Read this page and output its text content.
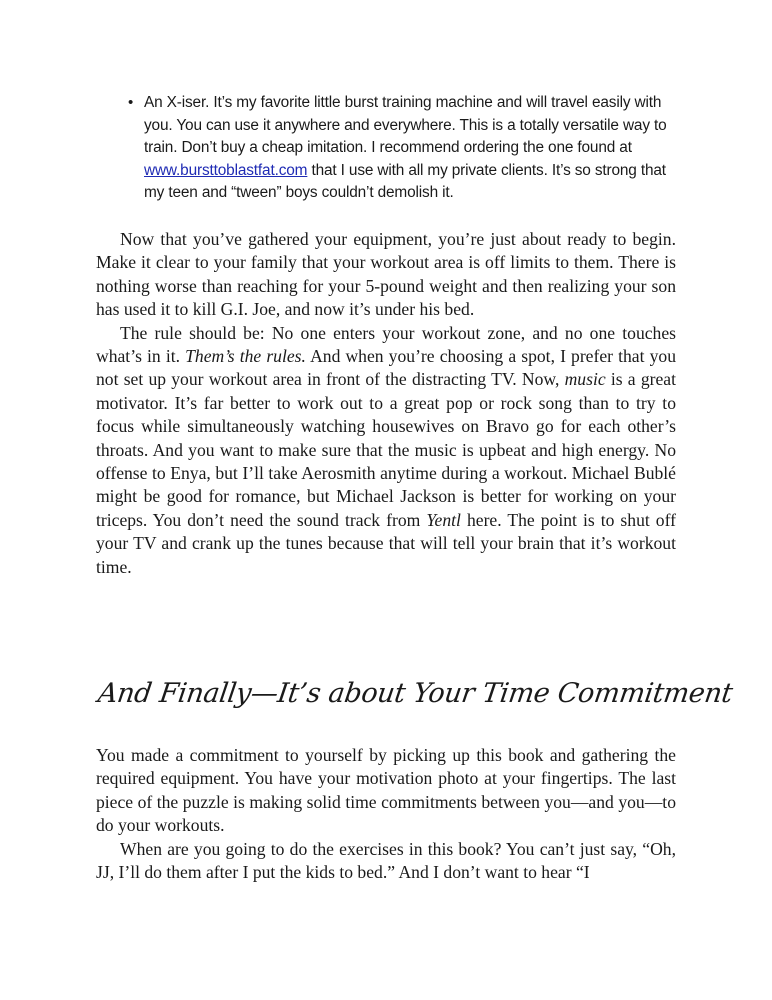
• An X-iser. It’s my favorite little burst training machine and will travel easily with you. You can use it anywhere and everywhere. This is a totally versatile way to train. Don’t buy a cheap imitation. I recommend ordering the one found at www.bursttoblastfat.com that I use with all my private clients. It’s so strong that my teen and “tween” boys couldn’t demolish it.

Now that you’ve gathered your equipment, you’re just about ready to begin. Make it clear to your family that your workout area is off limits to them. There is nothing worse than reaching for your 5-pound weight and then realizing your son has used it to kill G.I. Joe, and now it’s under his bed.

The rule should be: No one enters your workout zone, and no one touches what’s in it. Them’s the rules. And when you’re choosing a spot, I prefer that you not set up your workout area in front of the distracting TV. Now, music is a great motivator. It’s far better to work out to a great pop or rock song than to try to focus while simultaneously watching housewives on Bravo go for each other’s throats. And you want to make sure that the music is upbeat and high energy. No offense to Enya, but I’ll take Aerosmith anytime during a workout. Michael Bublé might be good for romance, but Michael Jackson is better for working on your triceps. You don’t need the sound track from Yentl here. The point is to shut off your TV and crank up the tunes because that will tell your brain that it’s workout time.

And Finally—It’s about Your Time Commitment

You made a commitment to yourself by picking up this book and gathering the required equipment. You have your motivation photo at your fingertips. The last piece of the puzzle is making solid time commitments between you—and you—to do your workouts.

When are you going to do the exercises in this book? You can’t just say, “Oh, JJ, I’ll do them after I put the kids to bed.” And I don’t want to hear “I
